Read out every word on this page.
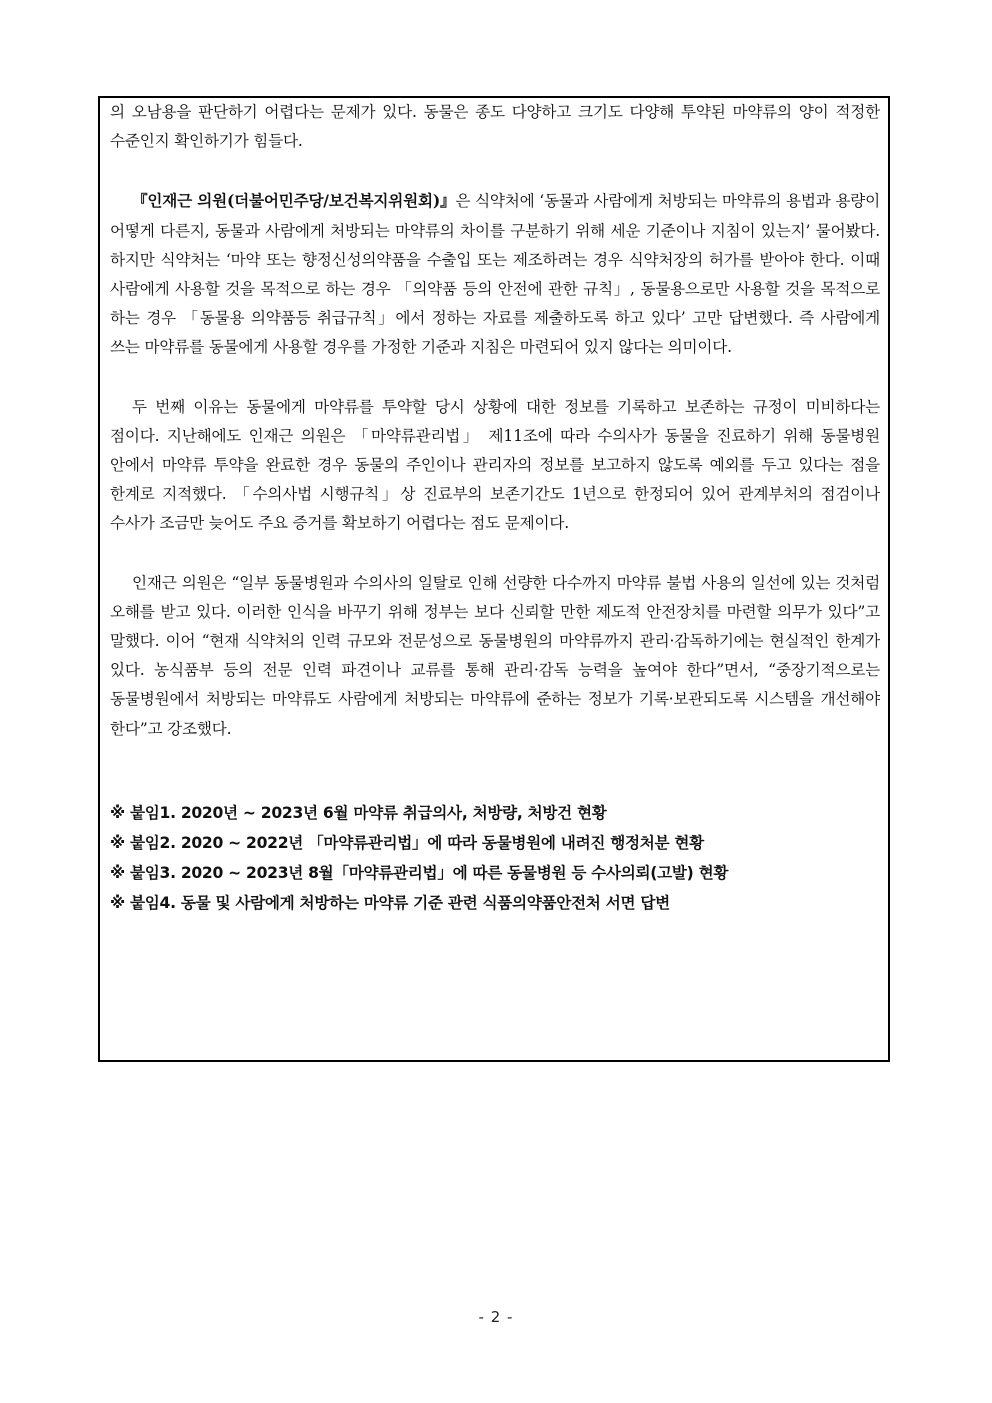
의 오남용을 판단하기 어렵다는 문제가 있다. 동물은 종도 다양하고 크기도 다양해 투약된 마약류의 양이 적정한 수준인지 확인하기가 힘들다.

『인재근 의원(더불어민주당/보건복지위원회)』은 식약처에 ‘동물과 사람에게 처방되는 마약류의 용법과 용량이 어떻게 다른지, 동물과 사람에게 처방되는 마약류의 차이를 구분하기 위해 세운 기준이나 지침이 있는지’ 물어봤다. 하지만 식약처는 ‘마약 또는 향정신성의약품을 수출입 또는 제조하려는 경우 식약처장의 허가를 받아야 한다. 이때 사람에게 사용할 것을 목적으로 하는 경우 「의약품 등의 안전에 관한 규칙」, 동물용으로만 사용할 것을 목적으로 하는 경우 「동물용 의약품등 취급규칙」에서 정하는 자료를 제출하도록 하고 있다’ 고만 답변했다. 즉 사람에게 쓰는 마약류를 동물에게 사용할 경우를 가정한 기준과 지침은 마련되어 있지 않다는 의미이다.

두 번째 이유는 동물에게 마약류를 투약할 당시 상황에 대한 정보를 기록하고 보존하는 규정이 미비하다는 점이다. 지난해에도 인재근 의원은 「마약류관리법」 제11조에 따라 수의사가 동물을 진료하기 위해 동물병원 안에서 마약류 투약을 완료한 경우 동물의 주인이나 관리자의 정보를 보고하지 않도록 예외를 두고 있다는 점을 한계로 지적했다. 「수의사법 시행규칙」상 진료부의 보존기간도 1년으로 한정되어 있어 관계부처의 점검이나 수사가 조금만 늦어도 주요 증거를 확보하기 어렵다는 점도 문제이다.

인재근 의원은 “일부 동물병원과 수의사의 일탈로 인해 선량한 다수까지 마약류 불법 사용의 일선에 있는 것처럼 오해를 받고 있다. 이러한 인식을 바꾸기 위해 정부는 보다 신뢰할 만한 제도적 안전장치를 마련할 의무가 있다”고 말했다. 이어 “현재 식약처의 인력 규모와 전문성으로 동물병원의 마약류까지 관리·감독하기에는 현실적인 한계가 있다. 농식품부 등의 전문 인력 파견이나 교류를 통해 관리·감독 능력을 높여야 한다”면서, “중장기적으로는 동물병원에서 처방되는 마약류도 사람에게 처방되는 마약류에 준하는 정보가 기록·보관되도록 시스템을 개선해야 한다”고 강조했다.

※ 붙임1. 2020년 ~ 2023년 6월 마약류 취급의사, 처방량, 처방건 현황
※ 붙임2. 2020 ~ 2022년 「마약류관리법」에 따라 동물병원에 내려진 행정처분 현황
※ 붙임3. 2020 ~ 2023년 8월「마약류관리법」에 따른 동물병원 등 수사의뢰(고발) 현황
※ 붙임4. 동물 및 사람에게 처방하는 마약류 기준 관련 식품의약품안전처 서면 답변
- 2 -
